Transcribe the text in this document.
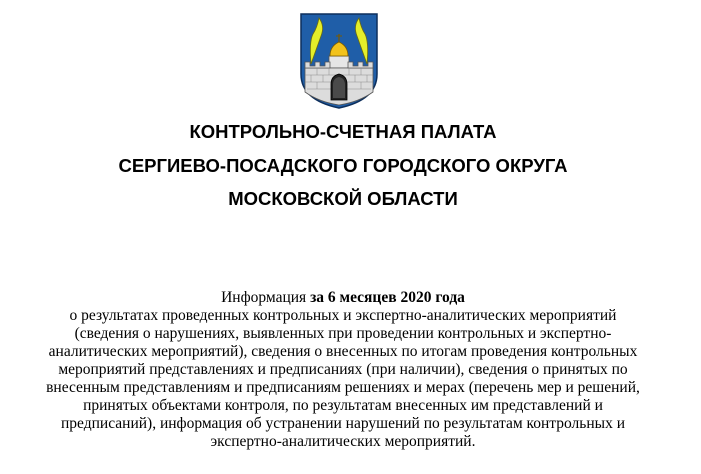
КОНТРОЛЬНО-СЧЕТНАЯ ПАЛАТА
СЕРГИЕВО-ПОСАДСКОГО ГОРОДСКОГО ОКРУГА
МОСКОВСКОЙ ОБЛАСТИ
Информация за 6 месяцев 2020 года
о результатах проведенных контрольных и экспертно-аналитических мероприятий
(сведения о нарушениях, выявленных при проведении контрольных и экспертно-
аналитических мероприятий), сведения о внесенных по итогам проведения контрольных
мероприятий представлениях и предписаниях (при наличии), сведения о принятых по
внесенным представлениям и предписаниям решениях и мерах (перечень мер и решений,
принятых объектами контроля, по результатам внесенных им представлений и
предписаний), информация об устранении нарушений по результатам контрольных и
экспертно-аналитических мероприятий.
